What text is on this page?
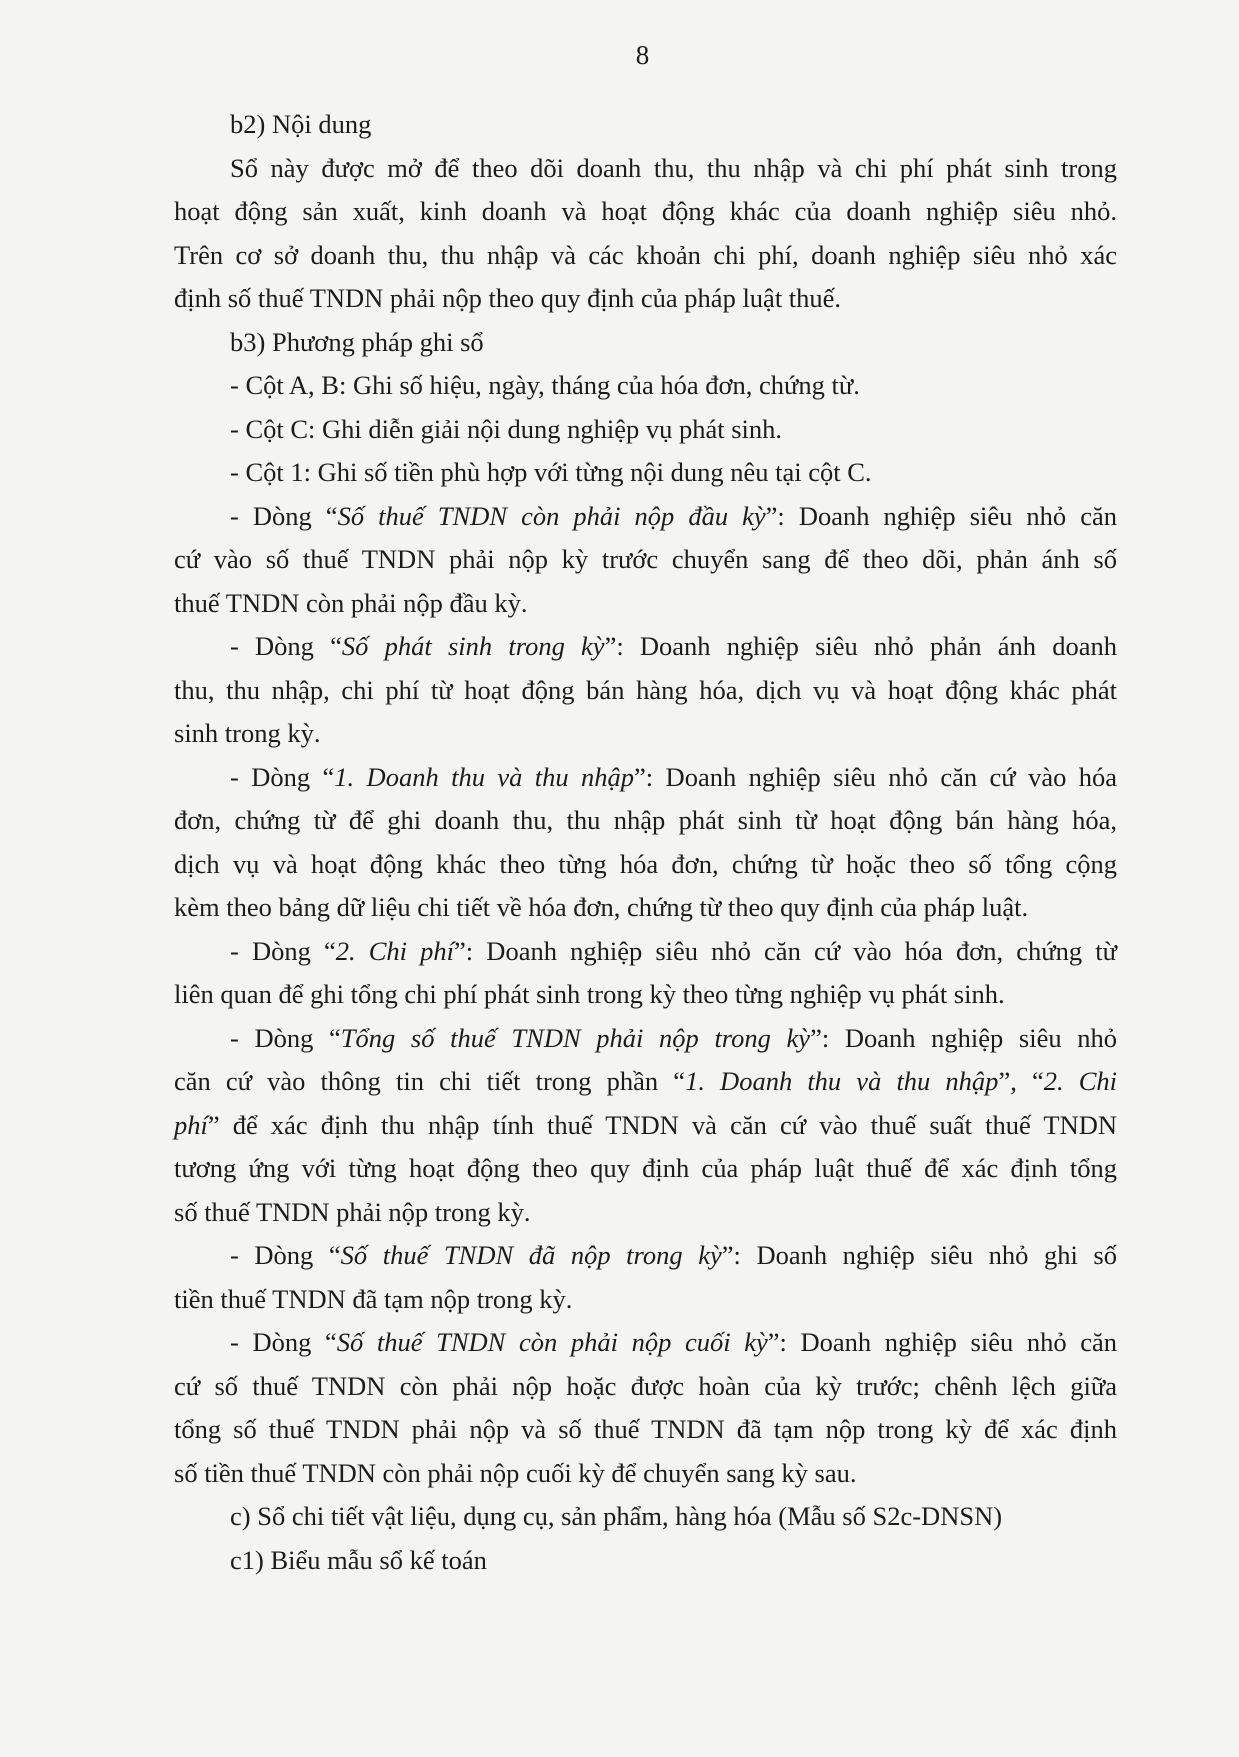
8

b2) Nội dung

Sổ này được mở để theo dõi doanh thu, thu nhập và chi phí phát sinh trong
hoạt động sản xuất, kinh doanh và hoạt động khác của doanh nghiệp siêu nhỏ.
Trên cơ sở doanh thu, thu nhập và các khoản chi phí, doanh nghiệp siêu nhỏ xác
định số thuế TNDN phải nộp theo quy định của pháp luật thuế.

b3) Phương pháp ghi sổ

- Cột A, B: Ghi số hiệu, ngày, tháng của hóa đơn, chứng từ.

- Cột C: Ghi diễn giải nội dung nghiệp vụ phát sinh.

- Cột 1: Ghi số tiền phù hợp với từng nội dung nêu tại cột C.

- Dòng “Số thuế TNDN còn phải nộp đầu kỳ”: Doanh nghiệp siêu nhỏ căn
cứ vào số thuế TNDN phải nộp kỳ trước chuyển sang để theo dõi, phản ánh số
thuế TNDN còn phải nộp đầu kỳ.

- Dòng “Số phát sinh trong kỳ”: Doanh nghiệp siêu nhỏ phản ánh doanh
thu, thu nhập, chi phí từ hoạt động bán hàng hóa, dịch vụ và hoạt động khác phát
sinh trong kỳ.

- Dòng “1. Doanh thu và thu nhập”: Doanh nghiệp siêu nhỏ căn cứ vào hóa
đơn, chứng từ để ghi doanh thu, thu nhập phát sinh từ hoạt động bán hàng hóa,
dịch vụ và hoạt động khác theo từng hóa đơn, chứng từ hoặc theo số tổng cộng
kèm theo bảng dữ liệu chi tiết về hóa đơn, chứng từ theo quy định của pháp luật.

- Dòng “2. Chi phí”: Doanh nghiệp siêu nhỏ căn cứ vào hóa đơn, chứng từ
liên quan để ghi tổng chi phí phát sinh trong kỳ theo từng nghiệp vụ phát sinh.

- Dòng “Tổng số thuế TNDN phải nộp trong kỳ”: Doanh nghiệp siêu nhỏ
căn cứ vào thông tin chi tiết trong phần “1. Doanh thu và thu nhập”, “2. Chi
phí” để xác định thu nhập tính thuế TNDN và căn cứ vào thuế suất thuế TNDN
tương ứng với từng hoạt động theo quy định của pháp luật thuế để xác định tổng
số thuế TNDN phải nộp trong kỳ.

- Dòng “Số thuế TNDN đã nộp trong kỳ”: Doanh nghiệp siêu nhỏ ghi số
tiền thuế TNDN đã tạm nộp trong kỳ.

- Dòng “Số thuế TNDN còn phải nộp cuối kỳ”: Doanh nghiệp siêu nhỏ căn
cứ số thuế TNDN còn phải nộp hoặc được hoàn của kỳ trước; chênh lệch giữa
tổng số thuế TNDN phải nộp và số thuế TNDN đã tạm nộp trong kỳ để xác định
số tiền thuế TNDN còn phải nộp cuối kỳ để chuyển sang kỳ sau.

c) Sổ chi tiết vật liệu, dụng cụ, sản phẩm, hàng hóa (Mẫu số S2c-DNSN)

c1) Biểu mẫu sổ kế toán
